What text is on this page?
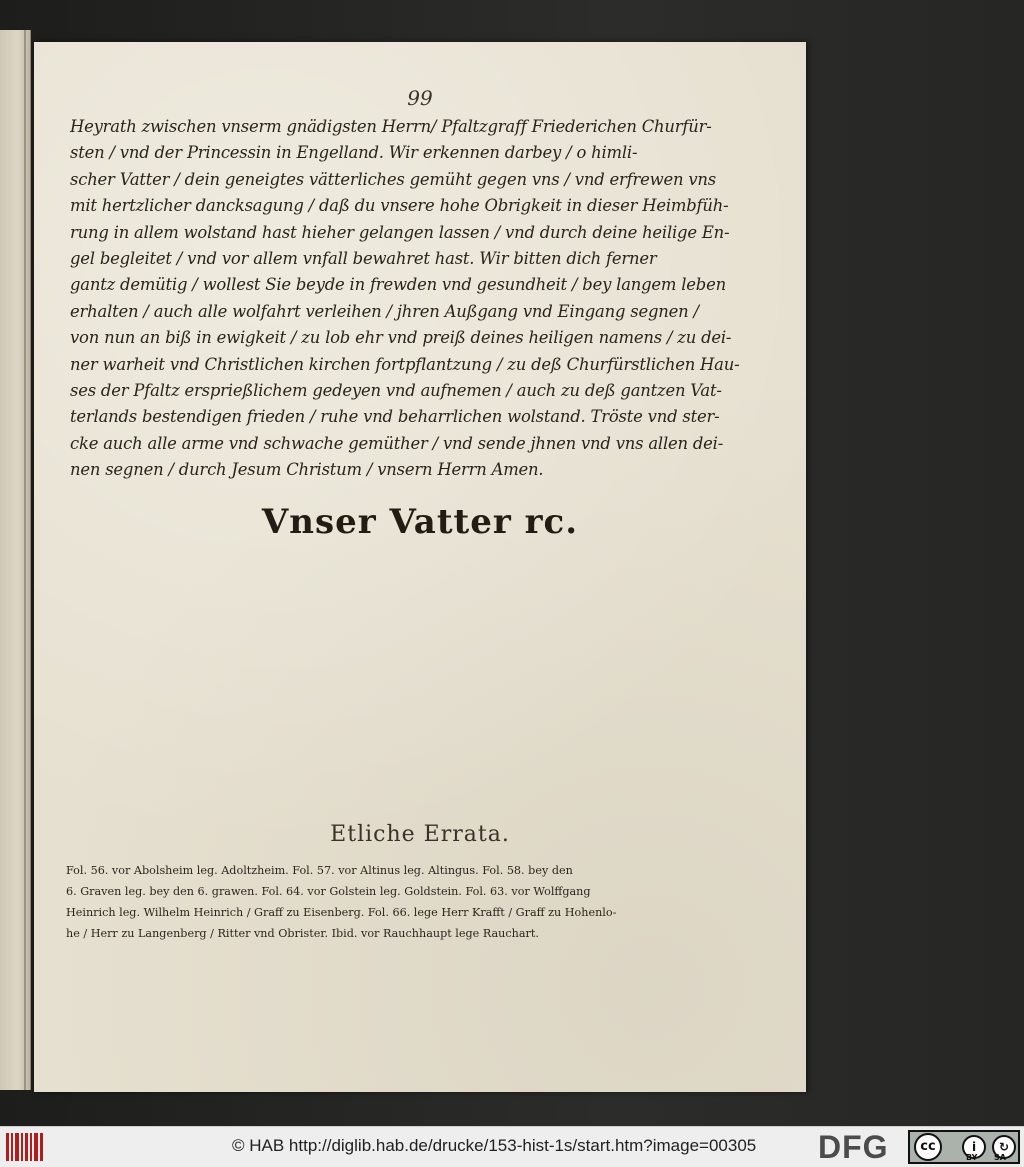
99
Heyrath zwischen vnserm gnädigsten Herrn/ Pfaltzgraff Friederichen Churfür-
sten / vnd der Princessin in Engelland. Wir erkennen darbey / o himli-
scher Vatter / dein geneigtes vätterliches gemüht gegen vns / vnd erfrewen vns
mit hertzlicher dancksagung / daß du vnsere hohe Obrigkeit in dieser Heimbfüh-
rung in allem wolstand hast hieher gelangen lassen / vnd durch deine heilige En-
gel begleitet / vnd vor allem vnfall bewahret hast. Wir bitten dich ferner
gantz demütig / wollest Sie beyde in frewden vnd gesundheit / bey langem leben
erhalten / auch alle wolfahrt verleihen / jhren Außgang vnd Eingang segnen /
von nun an biß in ewigkeit / zu lob ehr vnd preiß deines heiligen namens / zu dei-
ner warheit vnd Christlichen kirchen fortpflantzung / zu deß Churfürstlichen Hau-
ses der Pfaltz ersprießlichem gedeyen vnd aufnemen / auch zu deß gantzen Vat-
terlands bestendigen frieden / ruhe vnd beharrlichen wolstand. Tröste vnd ster-
cke auch alle arme vnd schwache gemüther / vnd sende jhnen vnd vns allen dei-
nen segnen / durch Jesum Christum / vnsern Herrn Amen.
Vnser Vatter rc.
Etliche Errata.
Fol. 56. vor Abolsheim leg. Adoltzheim. Fol. 57. vor Altinus leg. Altingus. Fol. 58. bey den
6. Graven leg. bey den 6. grawen. Fol. 64. vor Golstein leg. Goldstein. Fol. 63. vor Wolffgang
Heinrich leg. Wilhelm Heinrich / Graff zu Eisenberg. Fol. 66. lege Herr Krafft / Graff zu Hohenlo-
he / Herr zu Langenberg / Ritter vnd Obrister. Ibid. vor Rauchhaupt lege Rauchart.
© HAB http://diglib.hab.de/drucke/153-hist-1s/start.htm?image=00305 DFG	cc	i	↻
BY SA
